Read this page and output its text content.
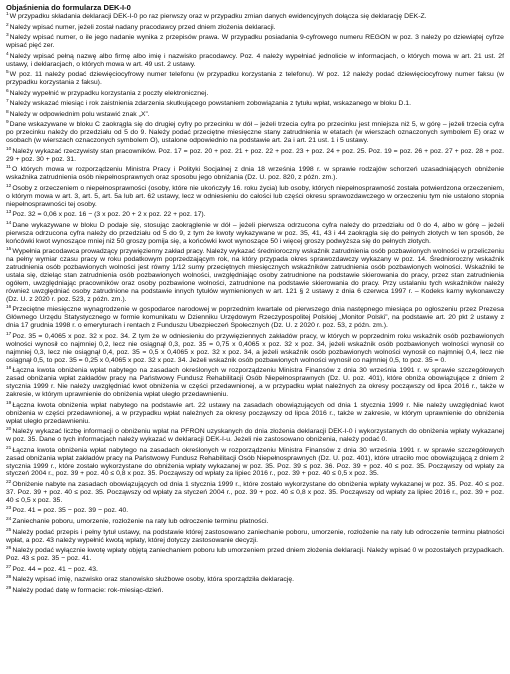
Objaśnienia do formularza DEK-I-0
$^1$W przypadku składania deklaracji DEK-I-0 po raz pierwszy oraz w przypadku zmian danych ewidencyjnych dołącza się deklarację DEK-Z.
$^2$Należy wpisać numer, jeżeli został nadany pracodawcy przed dniem złożenia deklaracji.
$^3$Należy wpisać numer, o ile jego nadanie wynika z przepisów prawa. W przypadku posiadania 9-cyfrowego numeru REGON w poz. 3 należy po dziewiątej cyfrze wpisać pięć zer.
$^4$Należy wpisać pełną nazwę albo firmę albo imię i nazwisko pracodawcy. Poz. 4 należy wypełniać jednolicie w informacjach, o których mowa w art. 21 ust. 2f ustawy, i deklaracjach, o których mowa w art. 49 ust. 2 ustawy.
$^5$W poz. 11 należy podać dziewięciocyfrowy numer telefonu (w przypadku korzystania z telefonu). W poz. 12 należy podać dziewięciocyfrowy numer faksu (w przypadku korzystania z faksu).
$^6$Należy wypełnić w przypadku korzystania z poczty elektronicznej.
$^7$Należy wskazać miesiąc i rok zaistnienia zdarzenia skutkującego powstaniem zobowiązania z tytułu wpłat, wskazanego w bloku D.1.
$^8$Należy w odpowiednim polu wstawić znak „X”.
$^9$Dane wskazywane w bloku C zaokrągla się do drugiej cyfry po przecinku w dół – jeżeli trzecia cyfra po przecinku jest mniejsza niż 5, w górę – jeżeli trzecia cyfra po przecinku należy do przedziału od 5 do 9. Należy podać przeciętne miesięczne stany zatrudnienia w etatach (w wierszach oznaczonych symbolem E) oraz w osobach (w wierszach oznaczonych symbolem O), ustalone odpowiednio na podstawie art. 2a i art. 21 ust. 1 i 5 ustawy.
$^{10}$Należy wykazać rzeczywisty stan pracowników. Poz. 17 = poz. 20 + poz. 21 + poz. 22 + poz. 23 + poz. 24 + poz. 25. Poz. 19 = poz. 26 + poz. 27 + poz. 28 + poz. 29 + poz. 30 + poz. 31.
$^{11}$O których mowa w rozporządzeniu Ministra Pracy i Polityki Socjalnej z dnia 18 września 1998 r. w sprawie rodzajów schorzeń uzasadniających obniżenie wskaźnika zatrudnienia osób niepełnosprawnych oraz sposobu jego obniżania (Dz. U. poz. 820, z późn. zm.).
$^{12}$Osoby z orzeczeniem o niepełnosprawności (osoby, które nie ukończyły 16. roku życia) lub osoby, których niepełnosprawność została potwierdzona orzeczeniem, o którym mowa w art. 3, art. 5, art. 5a lub art. 62 ustawy, lecz w odniesieniu do całości lub części okresu sprawozdawczego w orzeczeniu tym nie ustalono stopnia niepełnosprawności tej osoby.
$^{13}$Poz. 32 = 0,06 x poz. 16 − (3 x poz. 20 + 2 x poz. 22 + poz. 17).
$^{14}$Dane wykazywane w bloku D podaje się, stosując zaokrąglenie w dół – jeżeli pierwsza odrzucona cyfra należy do przedziału od 0 do 4, albo w górę – jeżeli pierwsza odrzucona cyfra należy do przedziału od 5 do 9, z tym że kwoty wykazywane w poz. 35, 41, 43 i 44 zaokrągla się do pełnych złotych w ten sposób, że końcówki kwot wynoszące mniej niż 50 groszy pomija się, a końcówki kwot wynoszące 50 i więcej groszy podwyższa się do pełnych złotych.
$^{15}$Wypełnia pracodawca prowadzący przywięzienny zakład pracy. Należy wykazać średnioroczny wskaźnik zatrudnienia osób pozbawionych wolności w przeliczeniu na pełny wymiar czasu pracy w roku podatkowym poprzedzającym rok, na który przypada okres sprawozdawczy wykazany w poz. 14. Średnioroczny wskaźnik zatrudnienia osób pozbawionych wolności jest równy 1/12 sumy przeciętnych miesięcznych wskaźników zatrudnienia osób pozbawionych wolności. Wskaźniki te ustala się, dzieląc stan zatrudnienia osób pozbawionych wolności, uwzględniając osoby zatrudnione na podstawie skierowania do pracy, przez stan zatrudnienia ogółem, uwzględniając pracowników oraz osoby pozbawione wolności, zatrudnione na podstawie skierowania do pracy. Przy ustalaniu tych wskaźników należy również uwzględniać osoby zatrudnione na podstawie innych tytułów wymienionych w art. 121 § 2 ustawy z dnia 6 czerwca 1997 r. – Kodeks karny wykonawczy (Dz. U. z 2020 r. poz. 523, z późn. zm.).
$^{16}$Przeciętne miesięczne wynagrodzenie w gospodarce narodowej w poprzednim kwartale od pierwszego dnia następnego miesiąca po ogłoszeniu przez Prezesa Głównego Urzędu Statystycznego w formie komunikatu w Dzienniku Urzędowym Rzeczypospolitej Polskiej „Monitor Polski”, na podstawie art. 20 pkt 2 ustawy z dnia 17 grudnia 1998 r. o emeryturach i rentach z Funduszu Ubezpieczeń Społecznych (Dz. U. z 2020 r. poz. 53, z późn. zm.).
$^{17}$Poz. 35 = 0,4065 x poz. 32 x poz. 34. Z tym że w odniesieniu do przywięziennych zakładów pracy, w których w poprzednim roku wskaźnik osób pozbawionych wolności wynosił co najmniej 0,2, lecz nie osiągnął 0,3, poz. 35 = 0,75 x 0,4065 x poz. 32 x poz. 34, jeżeli wskaźnik osób pozbawionych wolności wynosił co najmniej 0,3, lecz nie osiągnął 0,4, poz. 35 = 0,5 x 0,4065 x poz. 32 x poz. 34, a jeżeli wskaźnik osób pozbawionych wolności wynosił co najmniej 0,4, lecz nie osiągnął 0,5, to poz. 35 = 0,25 x 0,4065 x poz. 32 x poz. 34. Jeżeli wskaźnik osób pozbawionych wolności wynosił co najmniej 0,5, to poz. 35 = 0.
$^{18}$Łączna kwota obniżenia wpłat nabytego na zasadach określonych w rozporządzeniu Ministra Finansów z dnia 30 września 1991 r. w sprawie szczegółowych zasad obniżania wpłat zakładów pracy na Państwowy Fundusz Rehabilitacji Osób Niepełnosprawnych (Dz. U. poz. 401), które obniża obowiązujące z dniem 2 stycznia 1999 r. Nie należy uwzględniać kwot obniżenia w części przedawnionej, a w przypadku wpłat należnych za okresy począwszy od lipca 2016 r., także w zakresie, w którym uprawnienie do obniżenia wpłat uległo przedawnieniu.
$^{19}$Łączna kwota obniżenia wpłat nabytego na podstawie art. 22 ustawy na zasadach obowiązujących od dnia 1 stycznia 1999 r. Nie należy uwzględniać kwot obniżenia w części przedawnionej, a w przypadku wpłat należnych za okresy począwszy od lipca 2016 r., także w zakresie, w którym uprawnienie do obniżenia wpłat uległo przedawnieniu.
$^{20}$Należy wykazać liczbę informacji o obniżeniu wpłat na PFRON uzyskanych do dnia złożenia deklaracji DEK-I-0 i wykorzystanych do obniżenia wpłaty wykazanej w poz. 35. Dane o tych informacjach należy wykazać w deklaracji DEK-I-u. Jeżeli nie zastosowano obniżenia, należy podać 0.
$^{21}$Łączna kwota obniżenia wpłat nabytego na zasadach określonych w rozporządzeniu Ministra Finansów z dnia 30 września 1991 r. w sprawie szczegółowych zasad obniżania wpłat zakładów pracy na Państwowy Fundusz Rehabilitacji Osób Niepełnosprawnych (Dz. U. poz. 401), które utraciło moc obowiązującą z dniem 2 stycznia 1999 r., które zostało wykorzystane do obniżenia wpłaty wykazanej w poz. 35. Poz. 39 ≤ poz. 36. Poz. 39 + poz. 40 ≤ poz. 35. Począwszy od wpłaty za styczeń 2004 r., poz. 39 + poz. 40 ≤ 0,8 x poz. 35. Począwszy od wpłaty za lipiec 2016 r., poz. 39 + poz. 40 ≤ 0,5 x poz. 35.
$^{22}$Obniżenie nabyte na zasadach obowiązujących od dnia 1 stycznia 1999 r., które zostało wykorzystane do obniżenia wpłaty wykazanej w poz. 35. Poz. 40 ≤ poz. 37. Poz. 39 + poz. 40 ≤ poz. 35. Począwszy od wpłaty za styczeń 2004 r., poz. 39 + poz. 40 ≤ 0,8 x poz. 35. Począwszy od wpłaty za lipiec 2016 r., poz. 39 + poz. 40 ≤ 0,5 x poz. 35.
$^{23}$Poz. 41 = poz. 35 − poz. 39 − poz. 40.
$^{24}$Zaniechanie poboru, umorzenie, rozłożenie na raty lub odroczenie terminu płatności.
$^{25}$Należy podać przepis i pełny tytuł ustawy, na podstawie której zastosowano zaniechanie poboru, umorzenie, rozłożenie na raty lub odroczenie terminu płatności wpłat, a poz. 43 należy wypełnić kwotą wpłaty, której dotyczy zastosowanie decyzji.
$^{26}$Należy podać wyłącznie kwotę wpłaty objętą zaniechaniem poboru lub umorzeniem przed dniem złożenia deklaracji. Należy wpisać 0 w pozostałych przypadkach. Poz. 43 ≤ poz. 35 − poz. 41.
$^{27}$Poz. 44 = poz. 41 − poz. 43.
$^{28}$Należy wpisać imię, nazwisko oraz stanowisko służbowe osoby, która sporządziła deklarację.
$^{29}$Należy podać datę w formacie: rok-miesiąc-dzień.
